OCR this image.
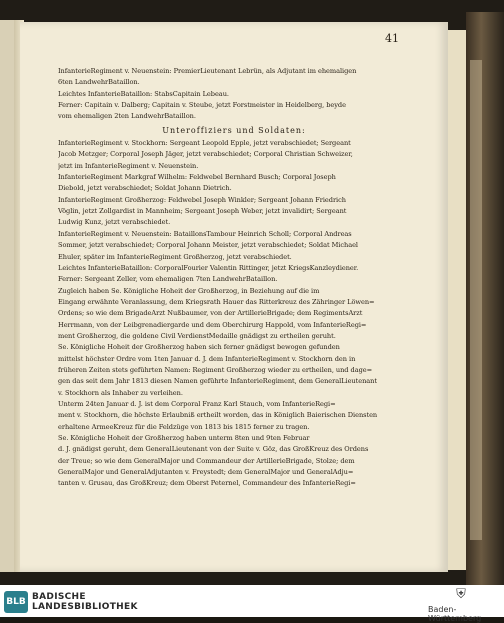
41

InfanterieRegiment v. Neuenstein: PremierLieutenant Lebrün, als Adjutant im ehemaligen

6ten LandwehrBataillon.

Leichtes InfanterieBataillon: StabsCapitain Lebeau.

Ferner: Capitain v. Dalberg; Capitain v. Steube, jetzt Forstmeister in Heidelberg, beyde

vom ehemaligen 2ten LandwehrBataillon.

Unteroffiziers und Soldaten:

InfanterieRegiment v. Stockhorn: Sergeant Leopold Epple, jetzt verabschiedet; Sergeant

Jacob Metzger; Corporal Joseph Jäger, jetzt verabschiedet; Corporal Christian Schweizer,

jetzt im InfanterieRegiment v. Neuenstein.

InfanterieRegiment Markgraf Wilhelm: Feldwebel Bernhard Busch; Corporal Joseph

Diebold, jetzt verabschiedet; Soldat Johann Dietrich.

InfanterieRegiment Großherzog: Feldwebel Joseph Winkler; Sergeant Johann Friedrich

Vöglin, jetzt Zollgardist in Mannheim; Sergeant Joseph Weber, jetzt invalidirt; Sergeant

Ludwig Kunz, jetzt verabschiedet.

InfanterieRegiment v. Neuenstein: BataillonsTambour Heinrich Scholl; Corporal Andreas

Sommer, jetzt verabschiedet; Corporal Johann Meister, jetzt verabschiedet; Soldat Michael

Ehuler, später im InfanterieRegiment Großherzog, jetzt verabschiedet.

Leichtes InfanterieBataillon: CorporalFourier Valentin Rittinger, jetzt KriegsKanzleydiener.

Ferner: Sergeant Zeller, vom ehemaligen 7ten LandwehrBataillon.

Zugleich haben Se. Königliche Hoheit der Großherzog, in Beziehung auf die im

Eingang erwähnte Veranlassung, dem Kriegsrath Hauer das Ritterkreuz des Zähringer Löwen=

Ordens; so wie dem BrigadeArzt Nußbaumer, von der ArtillerieBrigade; dem RegimentsArzt

Herrmann, von der Leibgrenadiergarde und dem Oberchirurg Happold, vom InfanterieRegi=

ment Großherzog, die goldene Civil VerdienstMedaille gnädigst zu ertheilen geruht.

Se. Königliche Hoheit der Großherzog haben sich ferner gnädigst bewogen gefunden

mittelst höchster Ordre vom 1ten Januar d. J. dem InfanterieRegiment v. Stockhorn den in

früheren Zeiten stets geführten Namen: Regiment Großherzog wieder zu ertheilen, und dage=

gen das seit dem Jahr 1813 diesen Namen geführte InfanterieRegiment, dem GeneralLieutenant

v. Stockhorn als Inhaber zu verleihen.

Unterm 24ten Januar d. J. ist dem Corporal Franz Karl Stauch, vom InfanterieRegi=

ment v. Stockhorn, die höchste Erlaubniß ertheilt worden, das in Königlich Baierischen Diensten

erhaltene ArmeeKreuz für die Feldzüge von 1813 bis 1815 ferner zu tragen.

Se. Königliche Hoheit der Großherzog haben unterm 8ten und 9ten Februar

d. J. gnädigst geruht, dem GeneralLieutenant von der Suite v. Göz, das GroßKreuz des Ordens

der Treue; so wie dem GeneralMajor und Commandeur der ArtillerieBrigade, Stolze; dem

GeneralMajor und GeneralAdjutanten v. Freystedt; dem GeneralMajor und GeneralAdju=

tanten v. Grusau, das GroßKreuz; dem Oberst Peternel, Commandeur des InfanterieRegi=

BLB BADISCHE
LANDESBIBLIOTHEK
⛨
Baden-Württemberg
